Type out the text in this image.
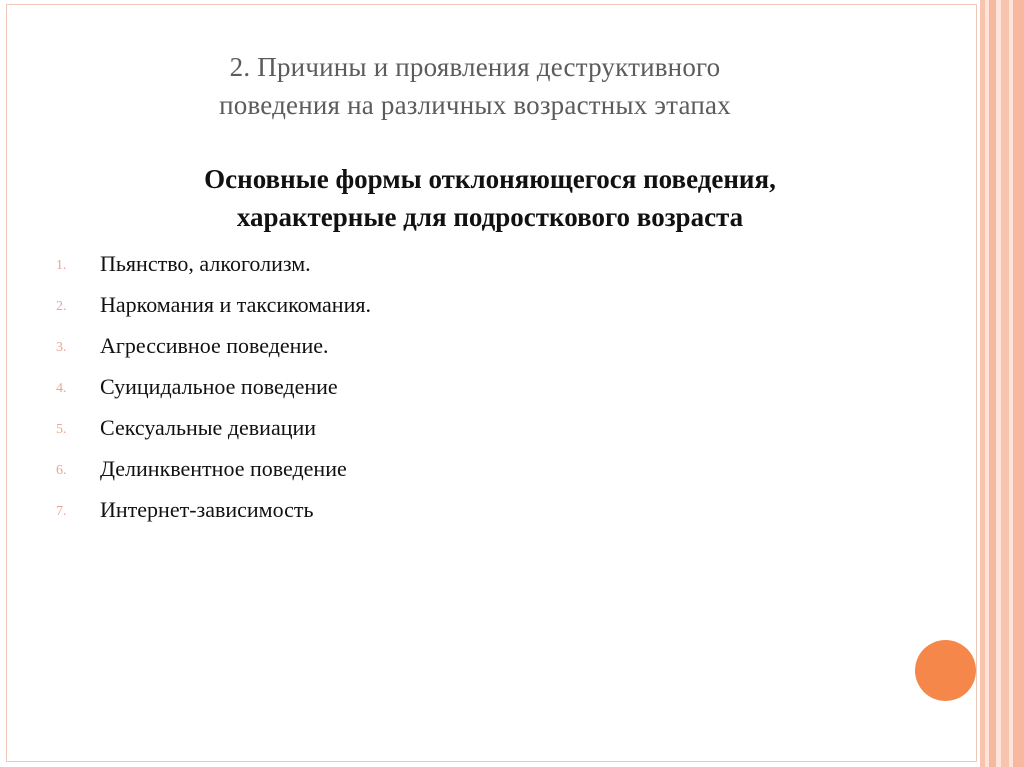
2. Причины и проявления деструктивного
поведения на различных возрастных этапах
Основные формы отклоняющегося поведения,
характерные для подросткового возраста
1.	Пьянство, алкоголизм.
2.	Наркомания и таксикомания.
3.	Агрессивное поведение.
4.	Суицидальное поведение
5.	Сексуальные девиации
6.	Делинквентное поведение
7.	Интернет-зависимость
